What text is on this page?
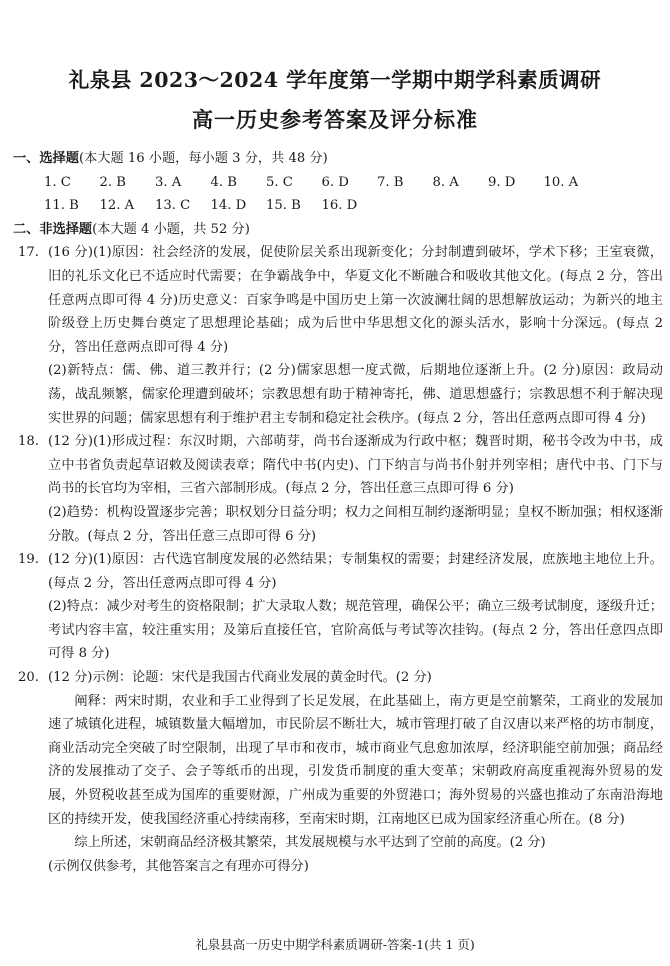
礼泉县 2023～2024 学年度第一学期中期学科素质调研
高一历史参考答案及评分标准
一、选择题(本大题 16 小题，每小题 3 分，共 48 分)
1. C	2. B	3. A	4. B	5. C	6. D	7. B	8. A	9. D	10. A
11. B	12. A	13. C	14. D	15. B	16. D
二、非选择题(本大题 4 小题，共 52 分)
17. (16 分)(1)原因：社会经济的发展，促使阶层关系出现新变化；分封制遭到破坏，学术下移；王室衰微，旧的礼乐文化已不适应时代需要；在争霸战争中，华夏文化不断融合和吸收其他文化。(每点 2 分，答出任意两点即可得 4 分)历史意义：百家争鸣是中国历史上第一次波澜壮阔的思想解放运动；为新兴的地主阶级登上历史舞台奠定了思想理论基础；成为后世中华思想文化的源头活水，影响十分深远。(每点 2 分，答出任意两点即可得 4 分)
(2)新特点：儒、佛、道三教并行；(2 分)儒家思想一度式微，后期地位逐渐上升。(2 分)原因：政局动荡，战乱频繁，儒家伦理遭到破坏；宗教思想有助于精神寄托，佛、道思想盛行；宗教思想不利于解决现实世界的问题；儒家思想有利于维护君主专制和稳定社会秩序。(每点 2 分，答出任意两点即可得 4 分)
18. (12 分)(1)形成过程：东汉时期，六部萌芽，尚书台逐渐成为行政中枢；魏晋时期，秘书令改为中书，成立中书省负责起草诏敕及阅读表章；隋代中书(内史)、门下纳言与尚书仆射并列宰相；唐代中书、门下与尚书的长官均为宰相，三省六部制形成。(每点 2 分，答出任意三点即可得 6 分)
(2)趋势：机构设置逐步完善；职权划分日益分明；权力之间相互制约逐渐明显；皇权不断加强；相权逐渐分散。(每点 2 分，答出任意三点即可得 6 分)
19. (12 分)(1)原因：古代选官制度发展的必然结果；专制集权的需要；封建经济发展，庶族地主地位上升。(每点 2 分，答出任意两点即可得 4 分)
(2)特点：减少对考生的资格限制；扩大录取人数；规范管理，确保公平；确立三级考试制度，逐级升迁；考试内容丰富，较注重实用；及第后直接任官，官阶高低与考试等次挂钩。(每点 2 分，答出任意四点即可得 8 分)
20. (12 分)示例：论题：宋代是我国古代商业发展的黄金时代。(2 分)
阐释：两宋时期，农业和手工业得到了长足发展，在此基础上，南方更是空前繁荣，工商业的发展加速了城镇化进程，城镇数量大幅增加，市民阶层不断壮大，城市管理打破了自汉唐以来严格的坊市制度，商业活动完全突破了时空限制，出现了早市和夜市，城市商业气息愈加浓厚，经济职能空前加强；商品经济的发展推动了交子、会子等纸币的出现，引发货币制度的重大变革；宋朝政府高度重视海外贸易的发展，外贸税收甚至成为国库的重要财源，广州成为重要的外贸港口；海外贸易的兴盛也推动了东南沿海地区的持续开发，使我国经济重心持续南移，至南宋时期，江南地区已成为国家经济重心所在。(8 分)
综上所述，宋朝商品经济极其繁荣，其发展规模与水平达到了空前的高度。(2 分)
(示例仅供参考，其他答案言之有理亦可得分)
礼泉县高一历史中期学科素质调研-答案-1(共 1 页)
